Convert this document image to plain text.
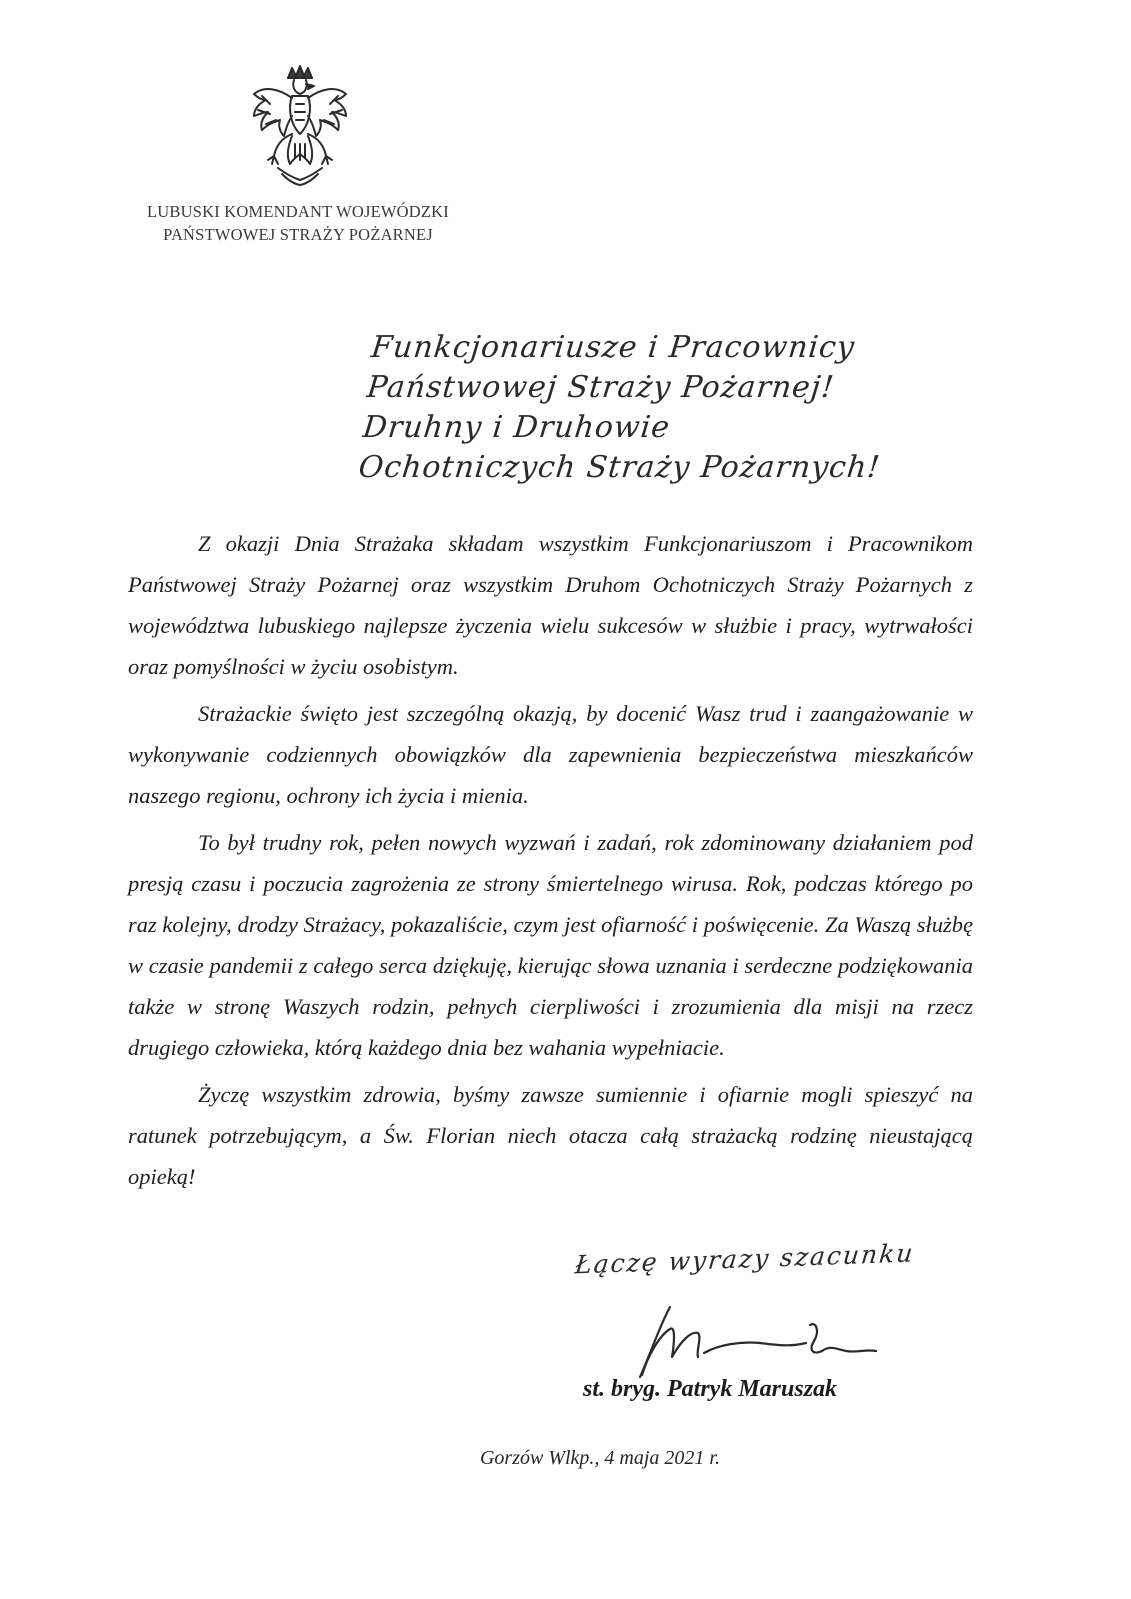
LUBUSKI KOMENDANT WOJEWÓDZKI
PAŃSTWOWEJ STRAŻY POŻARNEJ
Funkcjonariusze i Pracownicy
Państwowej Straży Pożarnej!
Druhny i Druhowie
Ochotniczych Straży Pożarnych!

Z okazji Dnia Strażaka składam wszystkim Funkcjonariuszom i Pracownikom Państwowej Straży Pożarnej oraz wszystkim Druhom Ochotniczych Straży Pożarnych z województwa lubuskiego najlepsze życzenia wielu sukcesów w służbie i pracy, wytrwałości oraz pomyślności w życiu osobistym.

Strażackie święto jest szczególną okazją, by docenić Wasz trud i zaangażowanie w wykonywanie codziennych obowiązków dla zapewnienia bezpieczeństwa mieszkańców naszego regionu, ochrony ich życia i mienia.

To był trudny rok, pełen nowych wyzwań i zadań, rok zdominowany działaniem pod presją czasu i poczucia zagrożenia ze strony śmiertelnego wirusa. Rok, podczas którego po raz kolejny, drodzy Strażacy, pokazaliście, czym jest ofiarność i poświęcenie. Za Waszą służbę w czasie pandemii z całego serca dziękuję, kierując słowa uznania i serdeczne podziękowania także w stronę Waszych rodzin, pełnych cierpliwości i zrozumienia dla misji na rzecz drugiego człowieka, którą każdego dnia bez wahania wypełniacie.

Życzę wszystkim zdrowia, byśmy zawsze sumiennie i ofiarnie mogli spieszyć na ratunek potrzebującym, a Św. Florian niech otacza całą strażacką rodzinę nieustającą opieką!

Łączę wyrazy szacunku
st. bryg. Patryk Maruszak
Gorzów Wlkp., 4 maja 2021 r.
